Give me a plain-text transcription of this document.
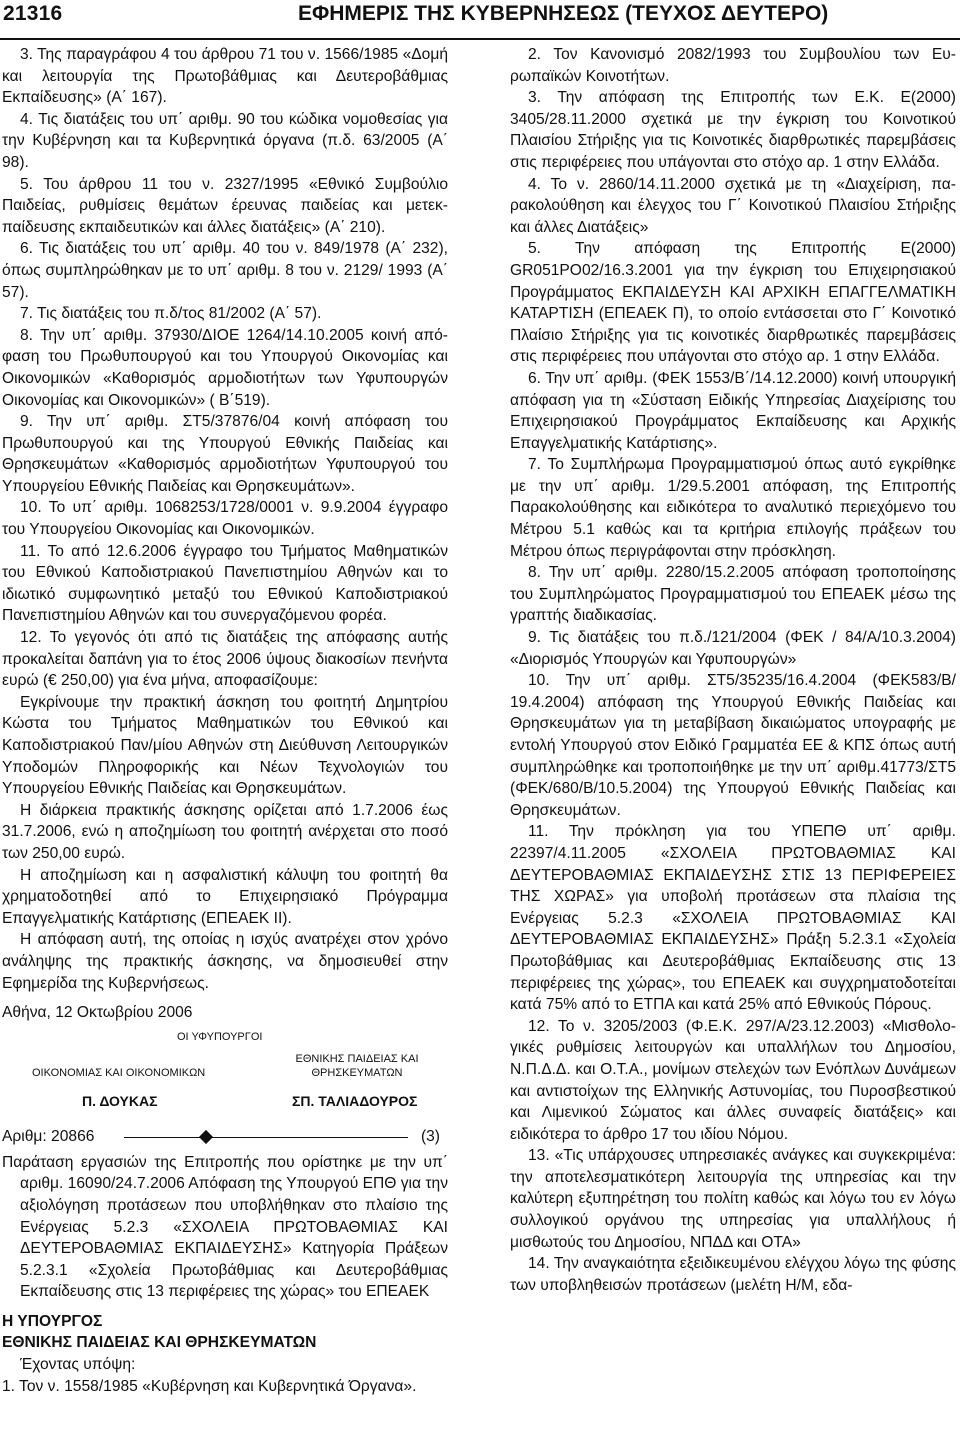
21316	ΕΦΗΜΕΡΙΣ ΤΗΣ ΚΥΒΕΡΝΗΣΕΩΣ (ΤΕΥΧΟΣ ΔΕΥΤΕΡΟ)

3. Της παραγράφου 4 του άρθρου 71 του ν. 1566/1985 «Δομή και λειτουργία της Πρωτοβάθμιας και Δευτεροβάθμιας Εκπαίδευσης» (Α΄ 167).

4. Τις διατάξεις του υπ΄ αριθμ. 90 του κώδικα νομοθεσίας για την Κυβέρνηση και τα Κυβερνητικά όργανα (π.δ. 63/2005 (Α΄ 98).

5. Του άρθρου 11 του ν. 2327/1995 «Εθνικό Συμβούλιο Παιδείας, ρυθμίσεις θεμάτων έρευνας παιδείας και μετεκπαίδευσης εκπαιδευτικών και άλλες διατάξεις» (Α΄ 210).

6. Τις διατάξεις του υπ΄ αριθμ. 40 του ν. 849/1978 (Α΄ 232), όπως συμπληρώθηκαν με το υπ΄ αριθμ. 8 του ν. 2129/ 1993 (Α΄ 57).

7. Τις διατάξεις του π.δ/τος 81/2002 (Α΄ 57).

8. Την υπ΄ αριθμ. 37930/ΔΙΟΕ 1264/14.10.2005 κοινή απόφαση του Πρωθυπουργού και του Υπουργού Οικονομίας και Οικονομικών «Καθορισμός αρμοδιοτήτων των Υφυπουργών Οικονομίας και Οικονομικών» ( Β΄519).

9. Την υπ΄ αριθμ. ΣΤ5/37876/04 κοινή απόφαση του Πρωθυπουργού και της Υπουργού Εθνικής Παιδείας και Θρησκευμάτων «Καθορισμός αρμοδιοτήτων Υφυπουργού του Υπουργείου Εθνικής Παιδείας και Θρησκευμάτων».

10. Το υπ΄ αριθμ. 1068253/1728/0001 ν. 9.9.2004 έγγραφο του Υπουργείου Οικονομίας και Οικονομικών.

11. Το από 12.6.2006 έγγραφο του Τμήματος Μαθηματικών του Εθνικού Καποδιστριακού Πανεπιστημίου Αθηνών και το ιδιωτικό συμφωνητικό μεταξύ του Εθνικού Καποδιστριακού Πανεπιστημίου Αθηνών και του συνεργαζόμενου φορέα.

12. Το γεγονός ότι από τις διατάξεις της απόφασης αυτής προκαλείται δαπάνη για το έτος 2006 ύψους διακοσίων πενήντα ευρώ (€ 250,00) για ένα μήνα, αποφασίζουμε:

Εγκρίνουμε την πρακτική άσκηση του φοιτητή Δημητρίου Κώστα του Τμήματος Μαθηματικών του Εθνικού και Καποδιστριακού Παν/μίου Αθηνών στη Διεύθυνση Λειτουργικών Υποδομών Πληροφορικής και Νέων Τεχνολογιών του Υπουργείου Εθνικής Παιδείας και Θρησκευμάτων.

Η διάρκεια πρακτικής άσκησης ορίζεται από 1.7.2006 έως 31.7.2006, ενώ η αποζημίωση του φοιτητή ανέρχεται στο ποσό των 250,00 ευρώ.

Η αποζημίωση και η ασφαλιστική κάλυψη του φοιτητή θα χρηματοδοτηθεί από το Επιχειρησιακό Πρόγραμμα Επαγγελματικής Κατάρτισης (ΕΠΕΑΕΚ ΙΙ).

Η απόφαση αυτή, της οποίας η ισχύς ανατρέχει στον χρόνο ανάληψης της πρακτικής άσκησης, να δημοσιευθεί στην Εφημερίδα της Κυβερνήσεως.

Αθήνα, 12 Οκτωβρίου 2006

ΟΙ ΥΦΥΠΟΥΡΓΟΙ
ΕΘΝΙΚΗΣ ΠΑΙΔΕΙΑΣ ΚΑΙ ΘΡΗΣΚΕΥΜΑΤΩΝ
ΟΙΚΟΝΟΜΙΑΣ ΚΑΙ ΟΙΚΟΝΟΜΙΚΩΝ
Π. ΔΟΥΚΑΣ	ΣΠ. ΤΑΛΙΑΔΟΥΡΟΣ
Αριθμ: 20866	(3)

Παράταση εργασιών της Επιτροπής που ορίστηκε με την υπ΄ αριθμ. 16090/24.7.2006 Απόφαση της Υπουργού ΕΠΘ για την αξιολόγηση προτάσεων που υποβλήθηκαν στο πλαίσιο της Ενέργειας 5.2.3 «ΣΧΟΛΕΙΑ ΠΡΩΤΟΒΑΘΜΙΑΣ ΚΑΙ ΔΕΥΤΕΡΟΒΑΘΜΙΑΣ ΕΚΠΑΙΔΕΥΣΗΣ» Κατηγορία Πράξεων 5.2.3.1 «Σχολεία Πρωτοβάθμιας και Δευτεροβάθμιας Εκπαίδευσης στις 13 περιφέρειες της χώρας» του ΕΠΕΑΕΚ

Η ΥΠΟΥΡΓΟΣ

ΕΘΝΙΚΗΣ ΠΑΙΔΕΙΑΣ ΚΑΙ ΘΡΗΣΚΕΥΜΑΤΩΝ

Έχοντας υπόψη:

1. Τον ν. 1558/1985 «Κυβέρνηση και Κυβερνητικά Όργανα».

2. Τον Κανονισμό 2082/1993 του Συμβουλίου των Ευρωπαϊκών Κοινοτήτων.

3. Την απόφαση της Επιτροπής των Ε.Κ. Ε(2000) 3405/28.11.2000 σχετικά με την έγκριση του Κοινοτικού Πλαισίου Στήριξης για τις Κοινοτικές διαρθρωτικές παρεμβάσεις στις περιφέρειες που υπάγονται στο στόχο αρ. 1 στην Ελλάδα.

4. Το ν. 2860/14.11.2000 σχετικά με τη «Διαχείριση, παρακολούθηση και έλεγχος του Γ΄ Κοινοτικού Πλαισίου Στήριξης και άλλες Διατάξεις»

5. Την απόφαση της Επιτροπής Ε(2000) GR051PO02/16.3.2001 για την έγκριση του Επιχειρησιακού Προγράμματος ΕΚΠΑΙΔΕΥΣΗ ΚΑΙ ΑΡΧΙΚΗ ΕΠΑΓΓΕΛΜΑΤΙΚΗ ΚΑΤΑΡΤΙΣΗ (ΕΠΕΑΕΚ Π), το οποίο εντάσσεται στο Γ΄ Κοινοτικό Πλαίσιο Στήριξης για τις κοινοτικές διαρθρωτικές παρεμβάσεις στις περιφέρειες που υπάγονται στο στόχο αρ. 1 στην Ελλάδα.

6. Την υπ΄ αριθμ. (ΦΕΚ 1553/Β΄/14.12.2000) κοινή υπουργική απόφαση για τη «Σύσταση Ειδικής Υπηρεσίας Διαχείρισης του Επιχειρησιακού Προγράμματος Εκπαίδευσης και Αρχικής Επαγγελματικής Κατάρτισης».

7. Το Συμπλήρωμα Προγραμματισμού όπως αυτό εγκρίθηκε με την υπ΄ αριθμ. 1/29.5.2001 απόφαση, της Επιτροπής Παρακολούθησης και ειδικότερα το αναλυτικό περιεχόμενο του Μέτρου 5.1 καθώς και τα κριτήρια επιλογής πράξεων του Μέτρου όπως περιγράφονται στην πρόσκληση.

8. Την υπ΄ αριθμ. 2280/15.2.2005 απόφαση τροποποίησης του Συμπληρώματος Προγραμματισμού του ΕΠΕΑΕΚ μέσω της γραπτής διαδικασίας.

9. Τις διατάξεις του π.δ./121/2004 (ΦΕΚ / 84/Α/10.3.2004) «Διορισμός Υπουργών και Υφυπουργών»

10. Την υπ΄ αριθμ. ΣΤ5/35235/16.4.2004 (ΦΕΚ583/Β/ 19.4.2004) απόφαση της Υπουργού Εθνικής Παιδείας και Θρησκευμάτων για τη μεταβίβαση δικαιώματος υπογραφής με εντολή Υπουργού στον Ειδικό Γραμματέα ΕΕ & ΚΠΣ όπως αυτή συμπληρώθηκε και τροποποιήθηκε με την υπ΄ αριθμ.41773/ΣΤ5 (ΦΕΚ/680/Β/10.5.2004) της Υπουργού Εθνικής Παιδείας και Θρησκευμάτων.

11. Την πρόκληση για του ΥΠΕΠΘ υπ΄ αριθμ. 22397/4.11.2005 «ΣΧΟΛΕΙΑ ΠΡΩΤΟΒΑΘΜΙΑΣ ΚΑΙ ΔΕΥΤΕΡΟΒΑΘΜΙΑΣ ΕΚΠΑΙΔΕΥΣΗΣ ΣΤΙΣ 13 ΠΕΡΙΦΕΡΕΙΕΣ ΤΗΣ ΧΩΡΑΣ» για υποβολή προτάσεων στα πλαίσια της Ενέργειας 5.2.3 «ΣΧΟΛΕΙΑ ΠΡΩΤΟΒΑΘΜΙΑΣ ΚΑΙ ΔΕΥΤΕΡΟΒΑΘΜΙΑΣ ΕΚΠΑΙΔΕΥΣΗΣ» Πράξη 5.2.3.1 «Σχολεία Πρωτοβάθμιας και Δευτεροβάθμιας Εκπαίδευσης στις 13 περιφέρειες της χώρας», του ΕΠΕΑΕΚ και συγχρηματοδοτείται κατά 75% από το ΕΤΠΑ και κατά 25% από Εθνικούς Πόρους.

12. Το ν. 3205/2003 (Φ.Ε.Κ. 297/Α/23.12.2003) «Μισθολογικές ρυθμίσεις λειτουργών και υπαλλήλων του Δημοσίου, Ν.Π.Δ.Δ. και Ο.Τ.Α., μονίμων στελεχών των Ενόπλων Δυνάμεων και αντιστοίχων της Ελληνικής Αστυνομίας, του Πυροσβεστικού και Λιμενικού Σώματος και άλλες συναφείς διατάξεις» και ειδικότερα το άρθρο 17 του ιδίου Νόμου.

13. «Τις υπάρχουσες υπηρεσιακές ανάγκες και συγκεκριμένα: την αποτελεσματικότερη λειτουργία της υπηρεσίας και την καλύτερη εξυπηρέτηση του πολίτη καθώς και λόγω του εν λόγω συλλογικού οργάνου της υπηρεσίας για υπαλλήλους ή μισθωτούς του Δημοσίου, ΝΠΔΔ και ΟΤΑ»

14. Την αναγκαιότητα εξειδικευμένου ελέγχου λόγω της φύσης των υποβληθεισών προτάσεων (μελέτη Η/Μ, εδα-
